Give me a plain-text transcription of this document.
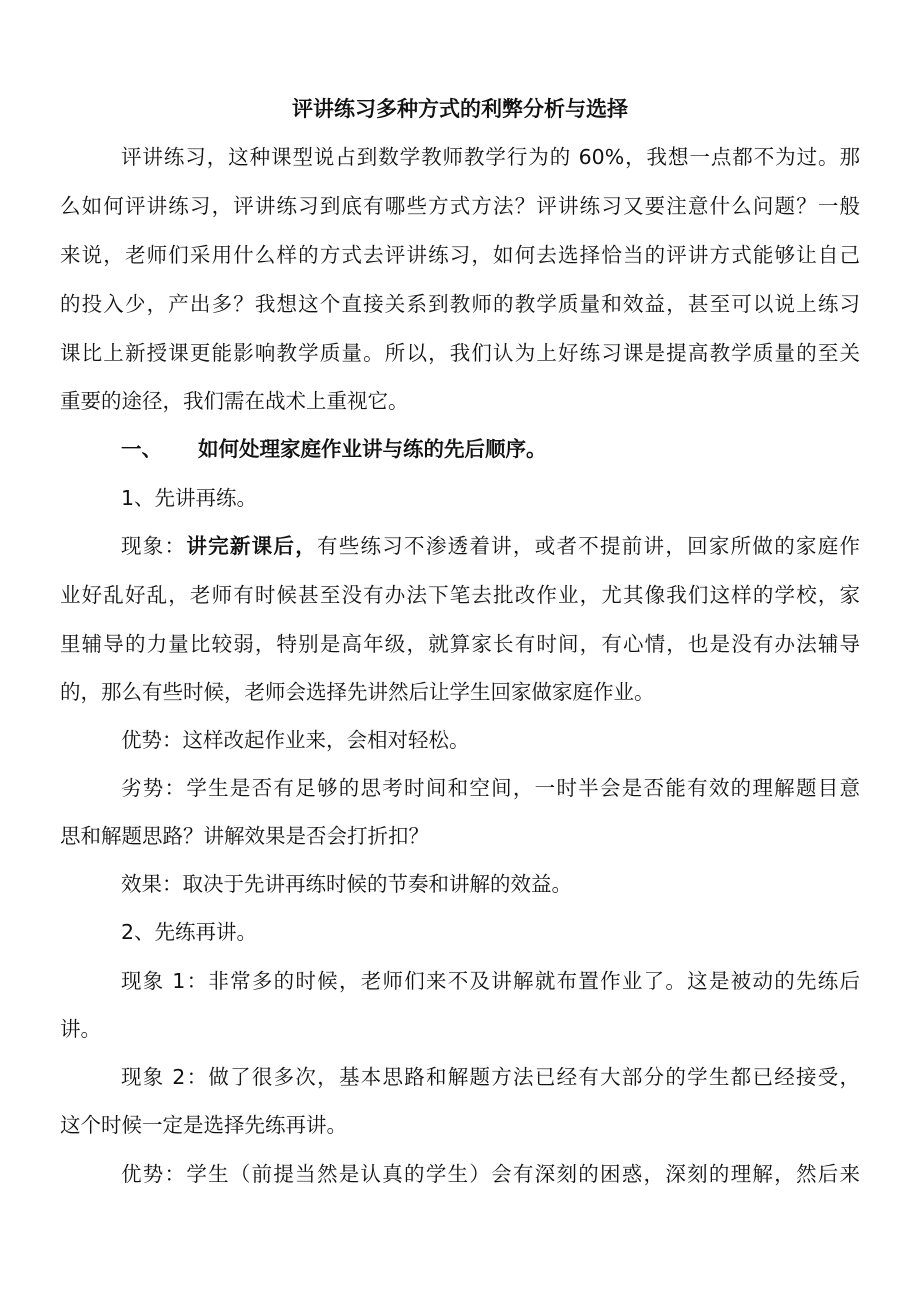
评讲练习多种方式的利弊分析与选择
评讲练习，这种课型说占到数学教师教学行为的 60%，我想一点都不为过。那
么如何评讲练习，评讲练习到底有哪些方式方法？评讲练习又要注意什么问题？一般
来说，老师们采用什么样的方式去评讲练习，如何去选择恰当的评讲方式能够让自己
的投入少，产出多？我想这个直接关系到教师的教学质量和效益，甚至可以说上练习
课比上新授课更能影响教学质量。所以，我们认为上好练习课是提高教学质量的至关
重要的途径，我们需在战术上重视它。
一、 如何处理家庭作业讲与练的先后顺序。
1、先讲再练。
现象：讲完新课后，有些练习不渗透着讲，或者不提前讲，回家所做的家庭作
业好乱好乱，老师有时候甚至没有办法下笔去批改作业，尤其像我们这样的学校，家
里辅导的力量比较弱，特别是高年级，就算家长有时间，有心情，也是没有办法辅导
的，那么有些时候，老师会选择先讲然后让学生回家做家庭作业。
优势：这样改起作业来，会相对轻松。
劣势：学生是否有足够的思考时间和空间，一时半会是否能有效的理解题目意
思和解题思路？讲解效果是否会打折扣？
效果：取决于先讲再练时候的节奏和讲解的效益。
2、先练再讲。
现象 1：非常多的时候，老师们来不及讲解就布置作业了。这是被动的先练后
讲。
现象 2：做了很多次，基本思路和解题方法已经有大部分的学生都已经接受，
这个时候一定是选择先练再讲。
优势：学生（前提当然是认真的学生）会有深刻的困惑，深刻的理解，然后来
